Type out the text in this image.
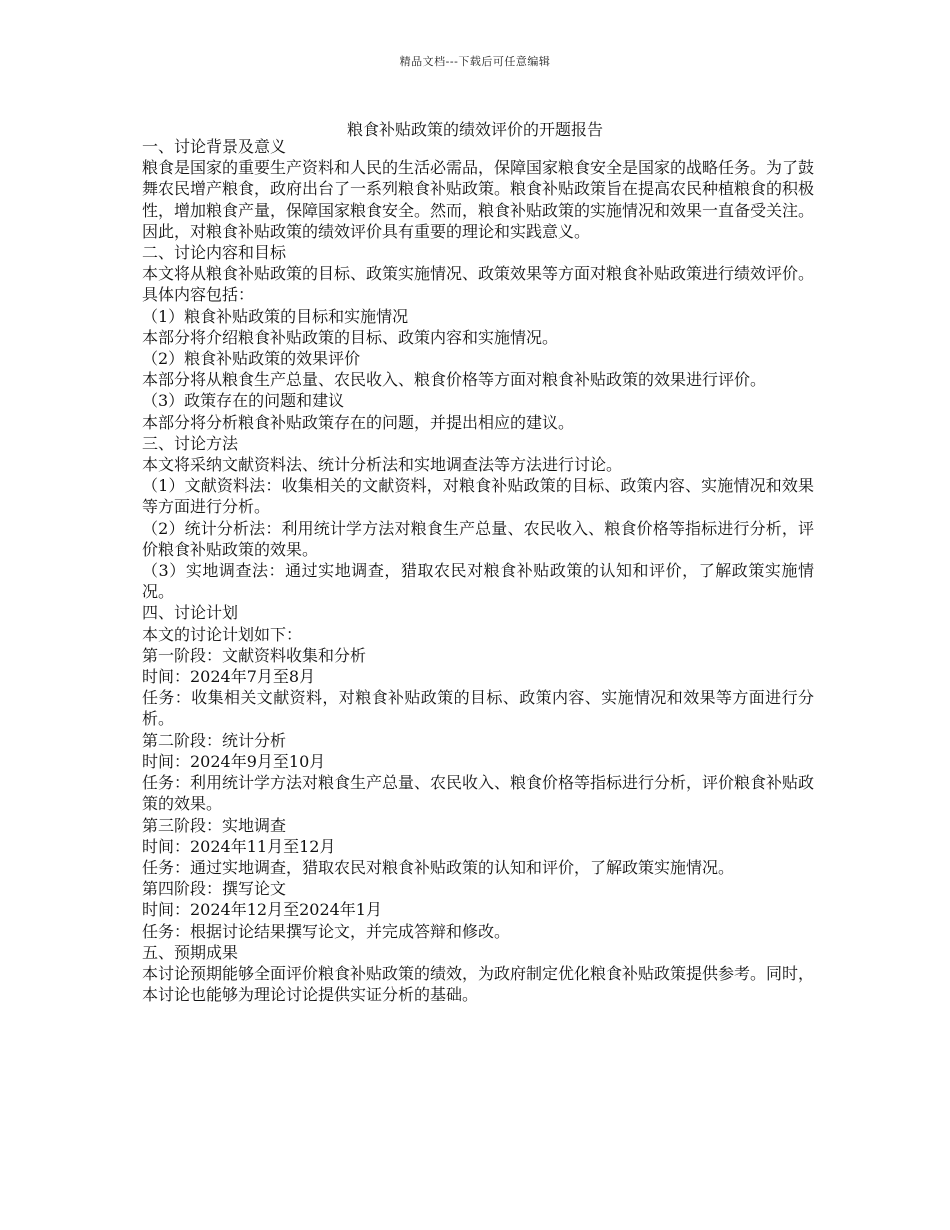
精品文档---下载后可任意编辑
粮食补贴政策的绩效评价的开题报告

一、讨论背景及意义

粮食是国家的重要生产资料和人民的生活必需品，保障国家粮食安全是国家的战略任务。为了鼓舞农民增产粮食，政府出台了一系列粮食补贴政策。粮食补贴政策旨在提高农民种植粮食的积极性，增加粮食产量，保障国家粮食安全。然而，粮食补贴政策的实施情况和效果一直备受关注。因此，对粮食补贴政策的绩效评价具有重要的理论和实践意义。

二、讨论内容和目标

本文将从粮食补贴政策的目标、政策实施情况、政策效果等方面对粮食补贴政策进行绩效评价。具体内容包括：

（1）粮食补贴政策的目标和实施情况

本部分将介绍粮食补贴政策的目标、政策内容和实施情况。

（2）粮食补贴政策的效果评价

本部分将从粮食生产总量、农民收入、粮食价格等方面对粮食补贴政策的效果进行评价。

（3）政策存在的问题和建议

本部分将分析粮食补贴政策存在的问题，并提出相应的建议。

三、讨论方法

本文将采纳文献资料法、统计分析法和实地调查法等方法进行讨论。

（1）文献资料法：收集相关的文献资料，对粮食补贴政策的目标、政策内容、实施情况和效果等方面进行分析。

（2）统计分析法：利用统计学方法对粮食生产总量、农民收入、粮食价格等指标进行分析，评价粮食补贴政策的效果。

（3）实地调查法：通过实地调查，猎取农民对粮食补贴政策的认知和评价，了解政策实施情况。

四、讨论计划

本文的讨论计划如下：

第一阶段：文献资料收集和分析

时间：2024年7月至8月

任务：收集相关文献资料，对粮食补贴政策的目标、政策内容、实施情况和效果等方面进行分析。

第二阶段：统计分析

时间：2024年9月至10月

任务：利用统计学方法对粮食生产总量、农民收入、粮食价格等指标进行分析，评价粮食补贴政策的效果。

第三阶段：实地调查

时间：2024年11月至12月

任务：通过实地调查，猎取农民对粮食补贴政策的认知和评价，了解政策实施情况。

第四阶段：撰写论文

时间：2024年12月至2024年1月

任务：根据讨论结果撰写论文，并完成答辩和修改。

五、预期成果

本讨论预期能够全面评价粮食补贴政策的绩效，为政府制定优化粮食补贴政策提供参考。同时，本讨论也能够为理论讨论提供实证分析的基础。
